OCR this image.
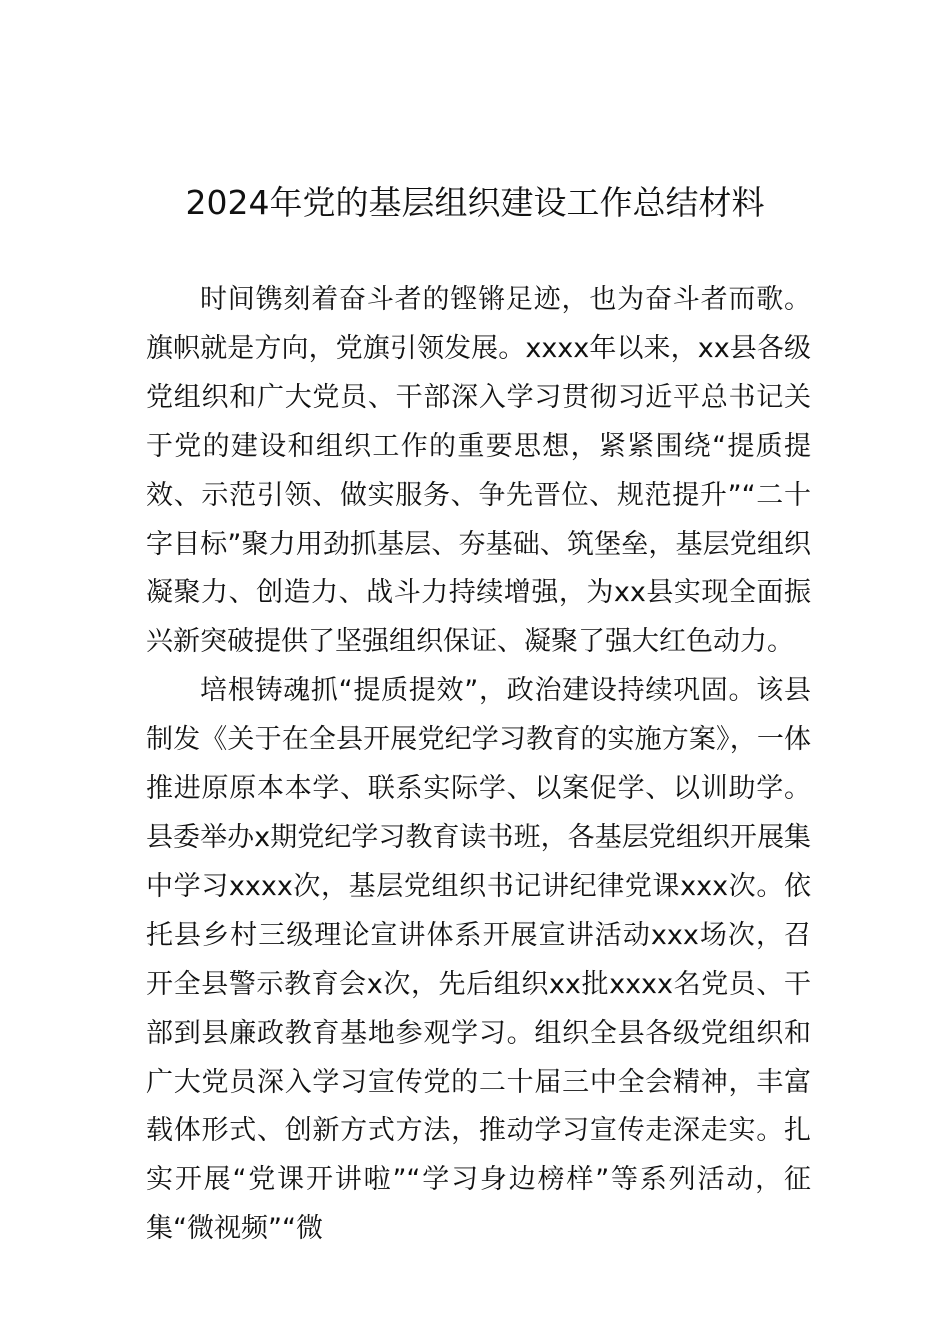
2024年党的基层组织建设工作总结材料

时间镌刻着奋斗者的铿锵足迹，也为奋斗者而歌。旗帜就是方向，党旗引领发展。xxxx年以来，xx县各级党组织和广大党员、干部深入学习贯彻习近平总书记关于党的建设和组织工作的重要思想，紧紧围绕“提质提效、示范引领、做实服务、争先晋位、规范提升”“二十字目标”聚力用劲抓基层、夯基础、筑堡垒，基层党组织凝聚力、创造力、战斗力持续增强，为xx县实现全面振兴新突破提供了坚强组织保证、凝聚了强大红色动力。

培根铸魂抓“提质提效”，政治建设持续巩固。该县制发《关于在全县开展党纪学习教育的实施方案》，一体推进原原本本学、联系实际学、以案促学、以训助学。县委举办x期党纪学习教育读书班，各基层党组织开展集中学习xxxx次，基层党组织书记讲纪律党课xxx次。依托县乡村三级理论宣讲体系开展宣讲活动xxx场次，召开全县警示教育会x次，先后组织xx批xxxx名党员、干部到县廉政教育基地参观学习。组织全县各级党组织和广大党员深入学习宣传党的二十届三中全会精神，丰富载体形式、创新方式方法，推动学习宣传走深走实。扎实开展“党课开讲啦”“学习身边榜样”等系列活动，征集“微视频”“微
